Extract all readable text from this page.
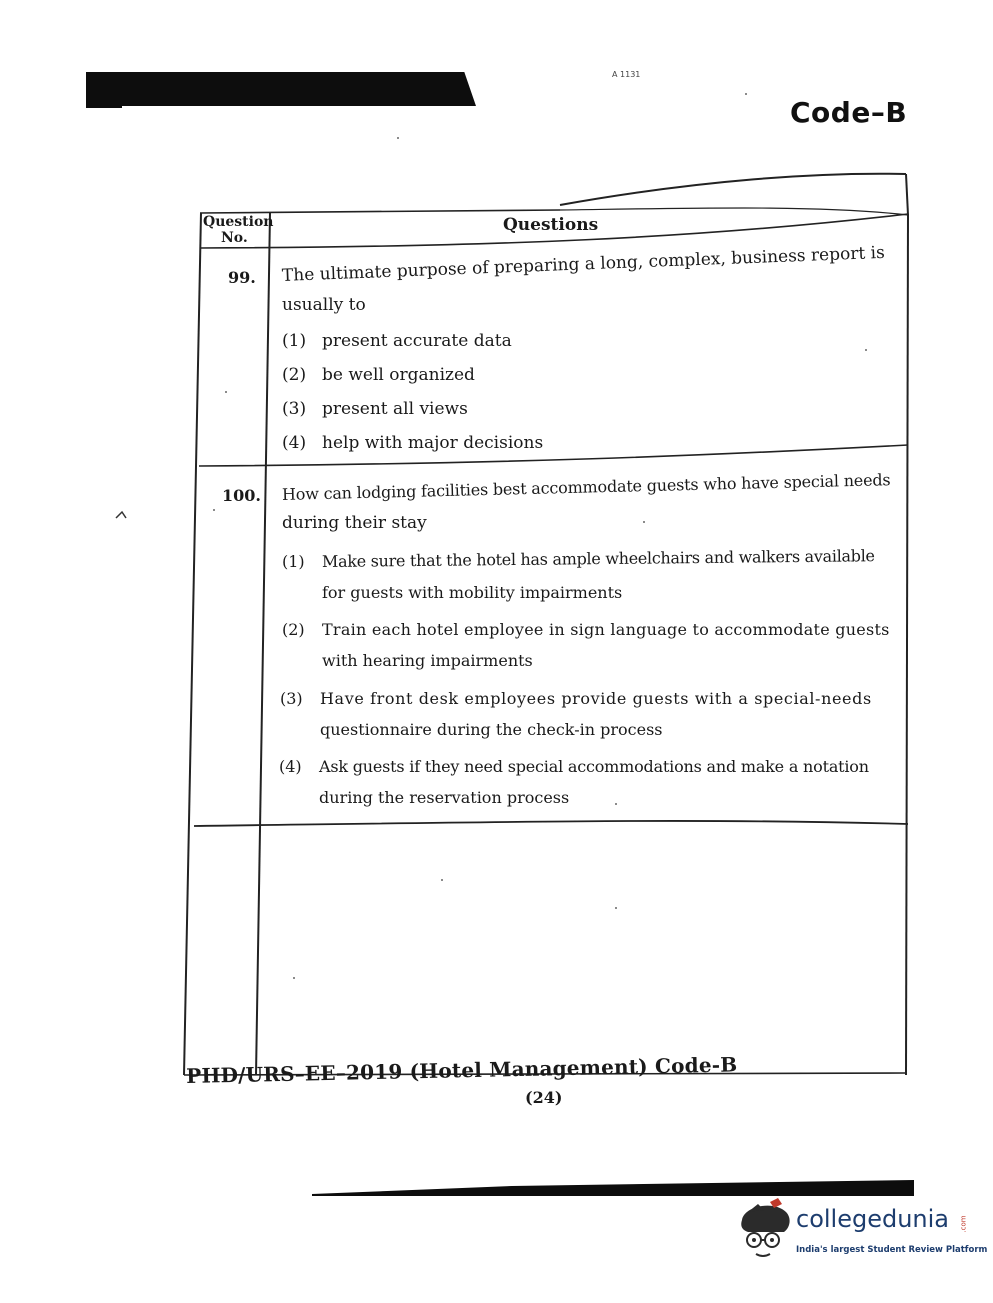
A 1131
Code–B
Question
No.
Questions
99. The ultimate purpose of preparing a long, complex, business report is
usually to
(1) present accurate data
(2) be well organized
(3) present all views
(4) help with major decisions
100. How can lodging facilities best accommodate guests who have special needs
during their stay
(1) Make sure that the hotel has ample wheelchairs and walkers available
for guests with mobility impairments
(2) Train each hotel employee in sign language to accommodate guests
with hearing impairments
(3) Have front desk employees provide guests with a special-needs
questionnaire during the check-in process
(4) Ask guests if they need special accommodations and make a notation
during the reservation process
PHD/URS–EE–2019 (Hotel Management) Code-B
(24)
collegedunia .com
India's largest Student Review Platform
